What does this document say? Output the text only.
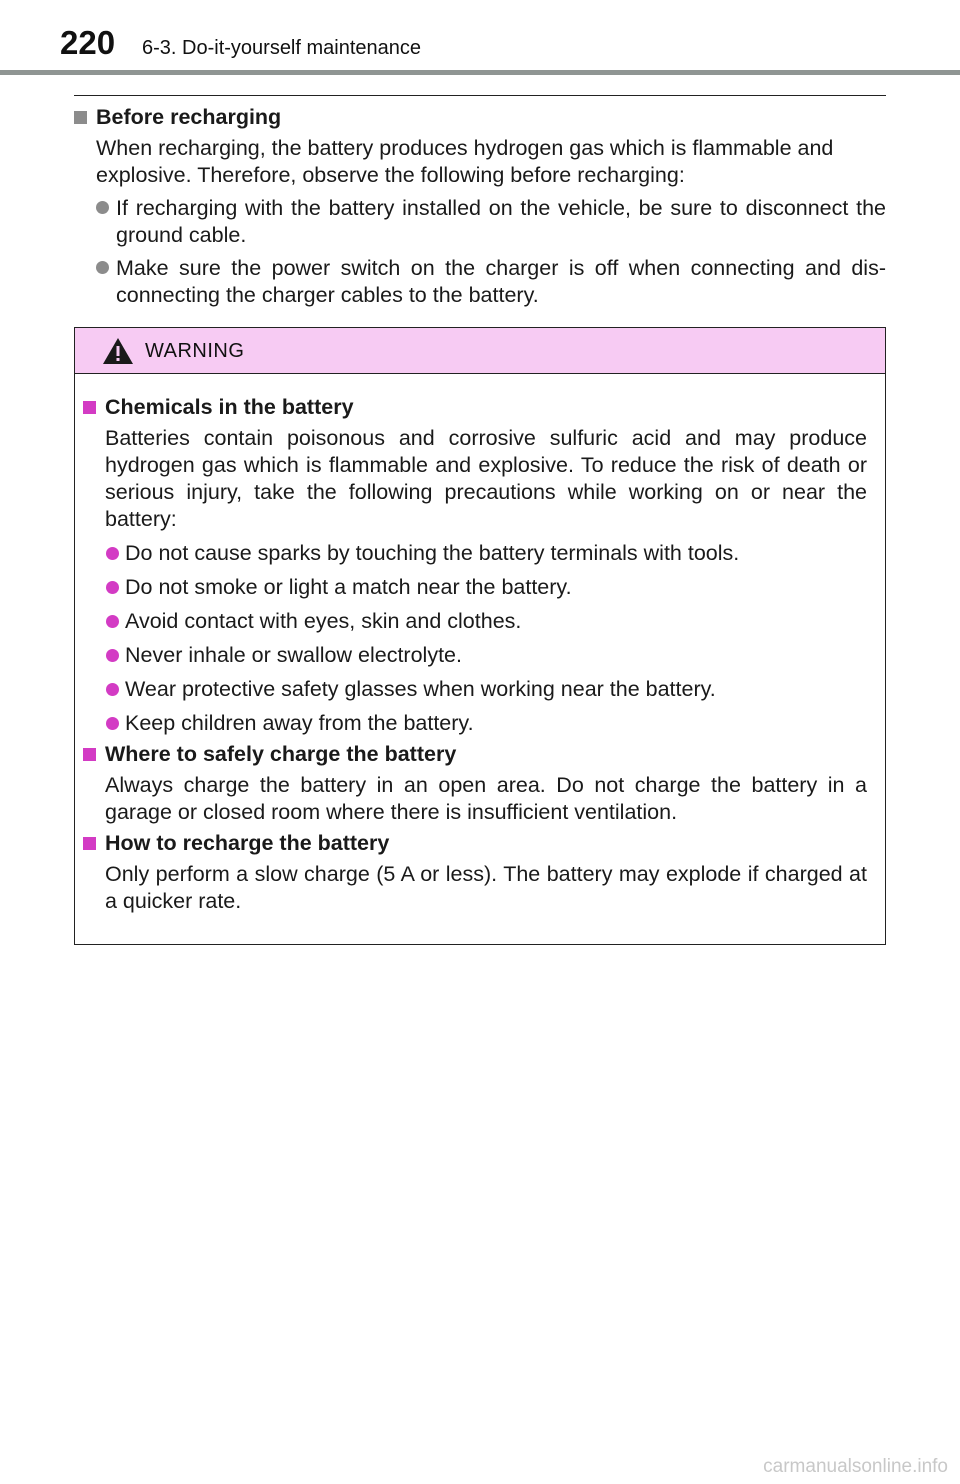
220 6-3. Do-it-yourself maintenance

Before recharging

When recharging, the battery produces hydrogen gas which is flammable and explosive. Therefore, observe the following before recharging:

If recharging with the battery installed on the vehicle, be sure to disconnect the ground cable.

Make sure the power switch on the charger is off when connecting and dis-connecting the charger cables to the battery.

WARNING

Chemicals in the battery

Batteries contain poisonous and corrosive sulfuric acid and may produce hydrogen gas which is flammable and explosive. To reduce the risk of death or serious injury, take the following precautions while working on or near the battery:

Do not cause sparks by touching the battery terminals with tools.

Do not smoke or light a match near the battery.

Avoid contact with eyes, skin and clothes.

Never inhale or swallow electrolyte.

Wear protective safety glasses when working near the battery.

Keep children away from the battery.

Where to safely charge the battery

Always charge the battery in an open area. Do not charge the battery in a garage or closed room where there is insufficient ventilation.

How to recharge the battery

Only perform a slow charge (5 A or less). The battery may explode if charged at a quicker rate.

carmanualsonline.info
